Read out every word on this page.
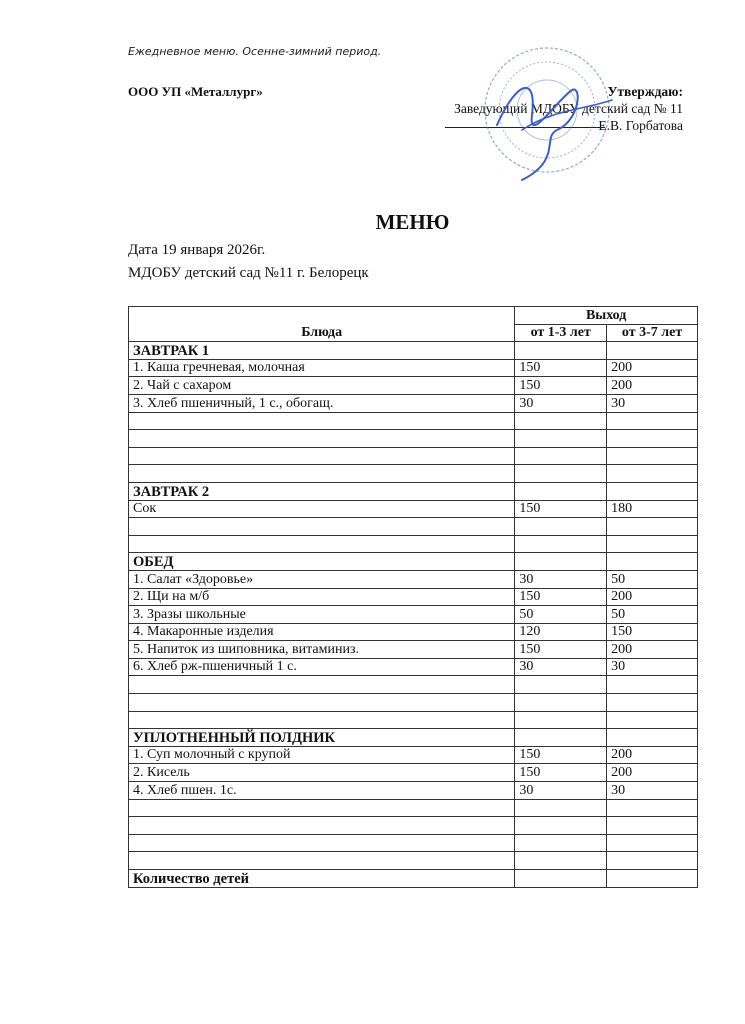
Ежедневное меню. Осенне-зимний период.
ООО УП «Металлург»	Утверждаю:
Заведующий МДОБУ детский сад № 11
Е.В. Горбатова
МЕНЮ
Дата 19 января 2026г.
МДОБУ детский сад №11 г. Белорецк
Блюда	Выход	
	от 1-3 лет	от 3-7 лет
ЗАВТРАК 1		
1. Каша гречневая, молочная	150	200
2. Чай с сахаром	150	200
3. Хлеб пшеничный, 1 с., обогащ.	30	30

ЗАВТРАК 2		
Сок	150	180

ОБЕД		
1. Салат «Здоровье»	30	50
2. Щи на м/б	150	200
3. Зразы школьные	50	50
4. Макаронные изделия	120	150
5. Напиток из шиповника, витаминиз.	150	200
6. Хлеб рж-пшеничный 1 с.	30	30

УПЛОТНЕННЫЙ ПОЛДНИК		
1. Суп молочный с крупой	150	200
2. Кисель	150	200
4. Хлеб пшен. 1с.	30	30

Количество детей		
